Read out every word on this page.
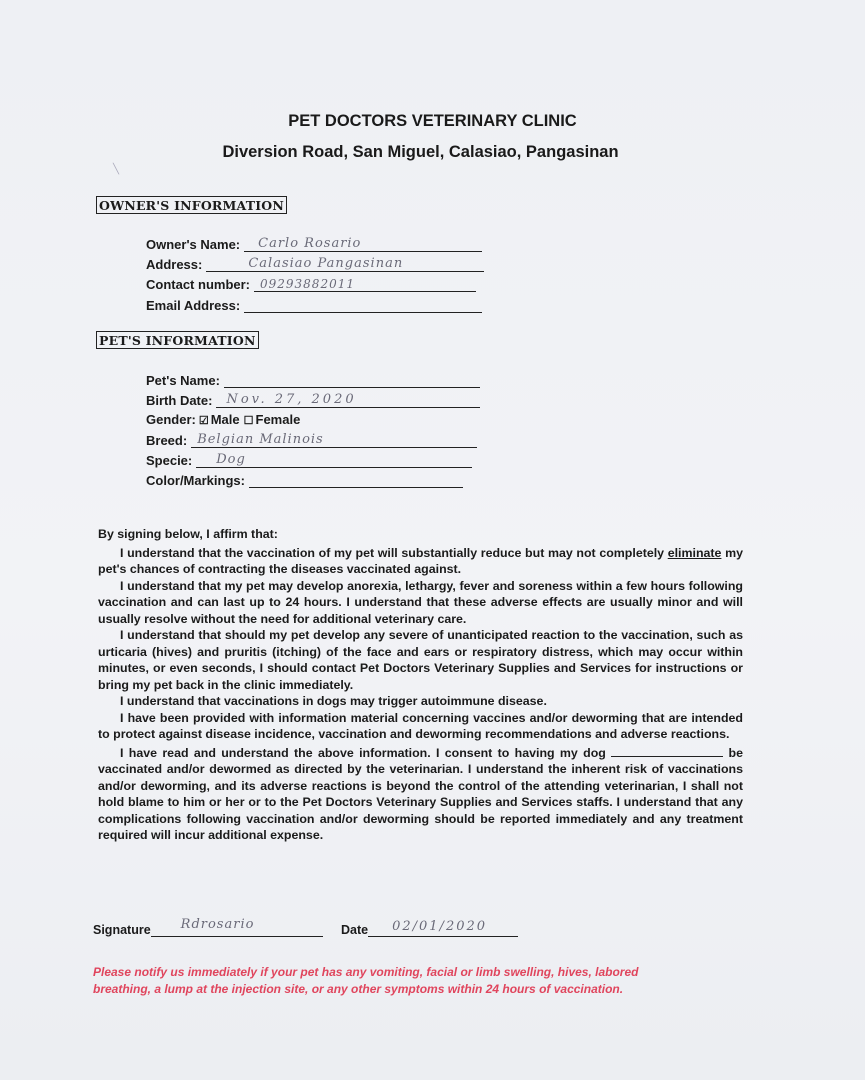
╲
PET DOCTORS VETERINARY CLINIC
Diversion Road, San Miguel, Calasiao, Pangasinan
OWNER'S INFORMATION
Owner's Name: Carlo Rosario
Address:	Calasiao Pangasinan
Contact number: 09293882011
Email Address:
PET'S INFORMATION
Pet's Name:
Birth Date: Nov. 27, 2020
Gender: ☑ Male ☐ Female
Breed: Belgian Malinois
Specie: Dog
Color/Markings:

By signing below, I affirm that:

I understand that the vaccination of my pet will substantially reduce but may not completely eliminate my pet's chances of contracting the diseases vaccinated against.

I understand that my pet may develop anorexia, lethargy, fever and soreness within a few hours following vaccination and can last up to 24 hours. I understand that these adverse effects are usually minor and will usually resolve without the need for additional veterinary care.

I understand that should my pet develop any severe of unanticipated reaction to the vaccination, such as urticaria (hives) and pruritis (itching) of the face and ears or respiratory distress, which may occur within minutes, or even seconds, I should contact Pet Doctors Veterinary Supplies and Services for instructions or bring my pet back in the clinic immediately.

I understand that vaccinations in dogs may trigger autoimmune disease.

I have been provided with information material concerning vaccines and/or deworming that are intended to protect against disease incidence, vaccination and deworming recommendations and adverse reactions.

I have read and understand the above information. I consent to having my dog	be vaccinated and/or dewormed as directed by the veterinarian. I understand the inherent risk of vaccinations and/or deworming, and its adverse reactions is beyond the control of the attending veterinarian, I shall not hold blame to him or her or to the Pet Doctors Veterinary Supplies and Services staffs. I understand that any complications following vaccination and/or deworming should be reported immediately and any treatment required will incur additional expense.

Signature Rdrosario	Date 02/01/2020
Please notify us immediately if your pet has any vomiting, facial or limb swelling, hives, labored breathing, a lump at the injection site, or any other symptoms within 24 hours of vaccination.
